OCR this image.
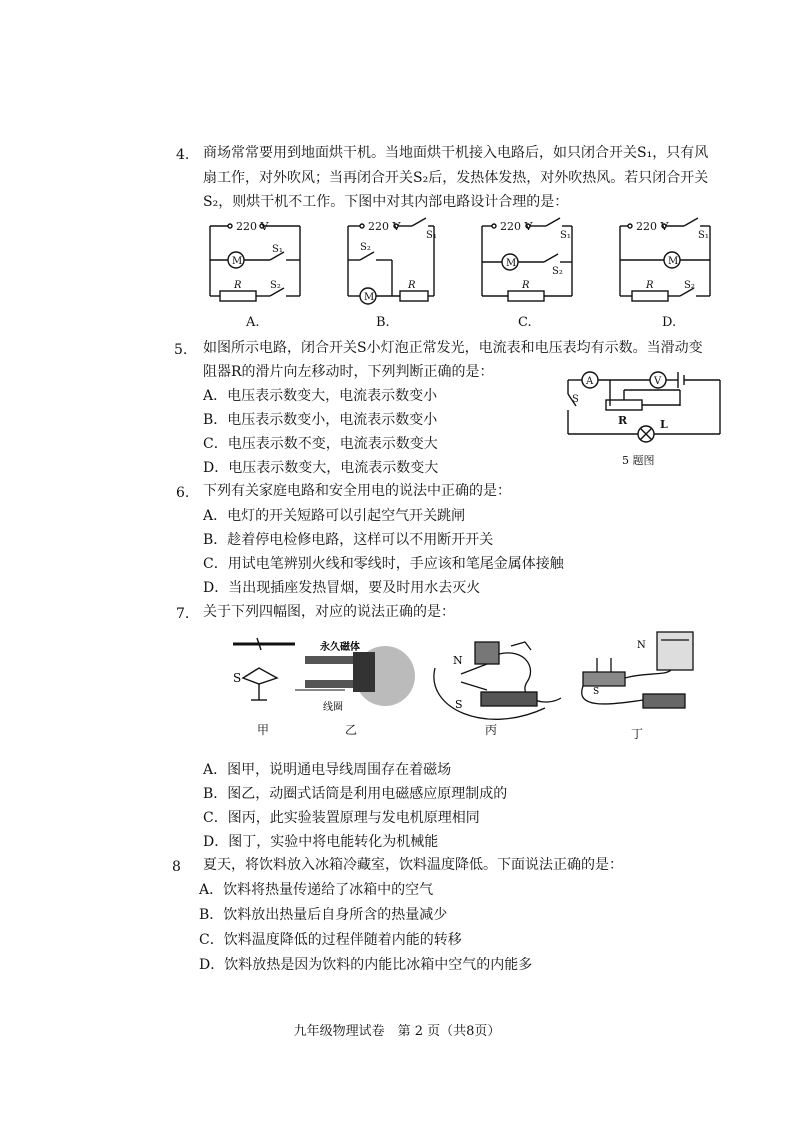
4. 商场常常要用到地面烘干机。当地面烘干机接入电路后，如只闭合开关S₁，只有风
扇工作，对外吹风；当再闭合开关S₂后，发热体发热，对外吹热风。若只闭合开关
S₂，则烘干机不工作。下图中对其内部电路设计合理的是：
220 V
M
S₁
R	S₂
220 V
S₁
S₂
M
R
220 V
S₁
M
S₂
R
220 V
S₁
M
R	S₂
A.	B.	C.	D.
5. 如图所示电路，闭合开关S小灯泡正常发光，电流表和电压表均有示数。当滑动变
阻器R的滑片向左移动时，下列判断正确的是：
A．电压表示数变大，电流表示数变小
B．电压表示数变小，电流表示数变小
C．电压表示数不变，电流表示数变大
D．电压表示数变大，电流表示数变大
A	V
S
R	L
5 题图
6. 下列有关家庭电路和安全用电的说法中正确的是：
A．电灯的开关短路可以引起空气开关跳闸
B．趁着停电检修电路，这样可以不用断开开关
C．用试电笔辨别火线和零线时，手应该和笔尾金属体接触
D．当出现插座发热冒烟，要及时用水去灭火
7. 关于下列四幅图，对应的说法正确的是：
S
永久磁体
线圈
N
S
N
S
甲	乙	丙	丁
A．图甲，说明通电导线周围存在着磁场
B．图乙，动圈式话筒是利用电磁感应原理制成的
C．图丙，此实验装置原理与发电机原理相同
D．图丁，实验中将电能转化为机械能
8 夏天，将饮料放入冰箱冷藏室，饮料温度降低。下面说法正确的是：
A．饮料将热量传递给了冰箱中的空气
B．饮料放出热量后自身所含的热量减少
C．饮料温度降低的过程伴随着内能的转移
D．饮料放热是因为饮料的内能比冰箱中空气的内能多
九年级物理试卷　第 2 页（共8页）
